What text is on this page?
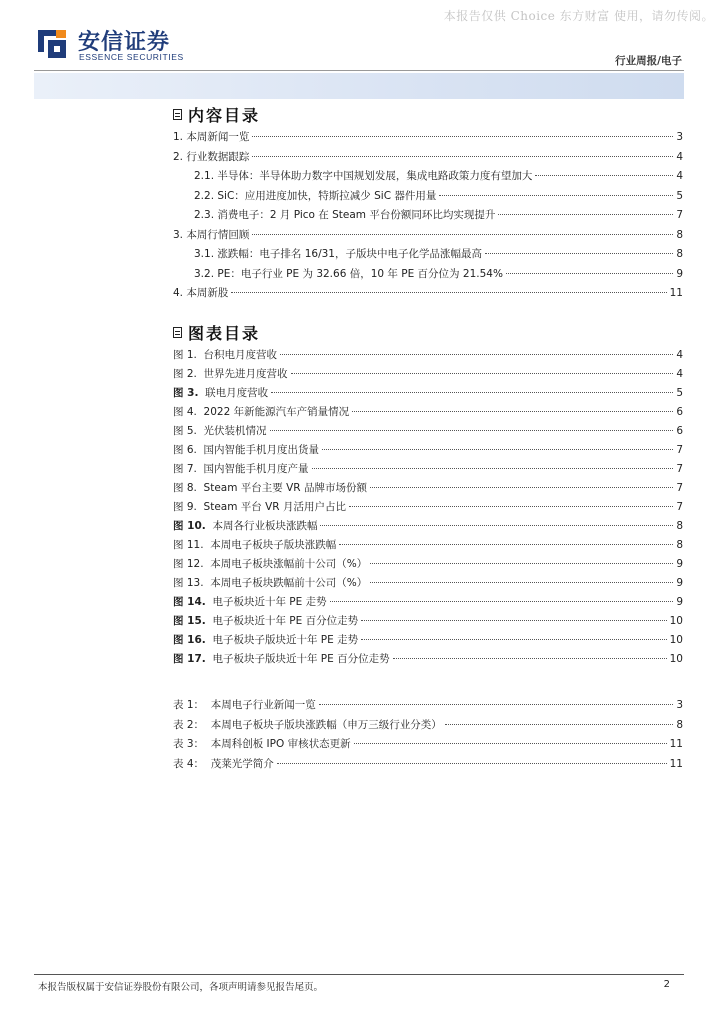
本报告仅供 Choice 东方财富 使用，请勿传阅。
安信证券
ESSENCE SECURITIES	行业周报/电子
内容目录
1. 本周新闻一览	3
2. 行业数据跟踪	4
2.1. 半导体：半导体助力数字中国规划发展，集成电路政策力度有望加大	4
2.2. SiC：应用进度加快，特斯拉减少 SiC 器件用量	5
2.3. 消费电子：2 月 Pico 在 Steam 平台份额同环比均实现提升	7
3. 本周行情回顾	8
3.1. 涨跌幅：电子排名 16/31，子版块中电子化学品涨幅最高	8
3.2. PE：电子行业 PE 为 32.66 倍，10 年 PE 百分位为 21.54%	9
4. 本周新股	11
图表目录
图 1. 台积电月度营收	4
图 2. 世界先进月度营收	4
图 3. 联电月度营收	5
图 4. 2022 年新能源汽车产销量情况	6
图 5. 光伏装机情况	6
图 6. 国内智能手机月度出货量	7
图 7. 国内智能手机月度产量	7
图 8. Steam 平台主要 VR 品牌市场份额	7
图 9. Steam 平台 VR 月活用户占比	7
图 10. 本周各行业板块涨跌幅	8
图 11. 本周电子板块子版块涨跌幅	8
图 12. 本周电子板块涨幅前十公司（%）	9
图 13. 本周电子板块跌幅前十公司（%）	9
图 14. 电子板块近十年 PE 走势	9
图 15. 电子板块近十年 PE 百分位走势	10
图 16. 电子板块子版块近十年 PE 走势	10
图 17. 电子板块子版块近十年 PE 百分位走势	10
表 1： 本周电子行业新闻一览	3
表 2： 本周电子板块子版块涨跌幅（申万三级行业分类）	8
表 3： 本周科创板 IPO 审核状态更新	11
表 4： 茂莱光学简介	11
本报告版权属于安信证券股份有限公司，各项声明请参见报告尾页。	2
